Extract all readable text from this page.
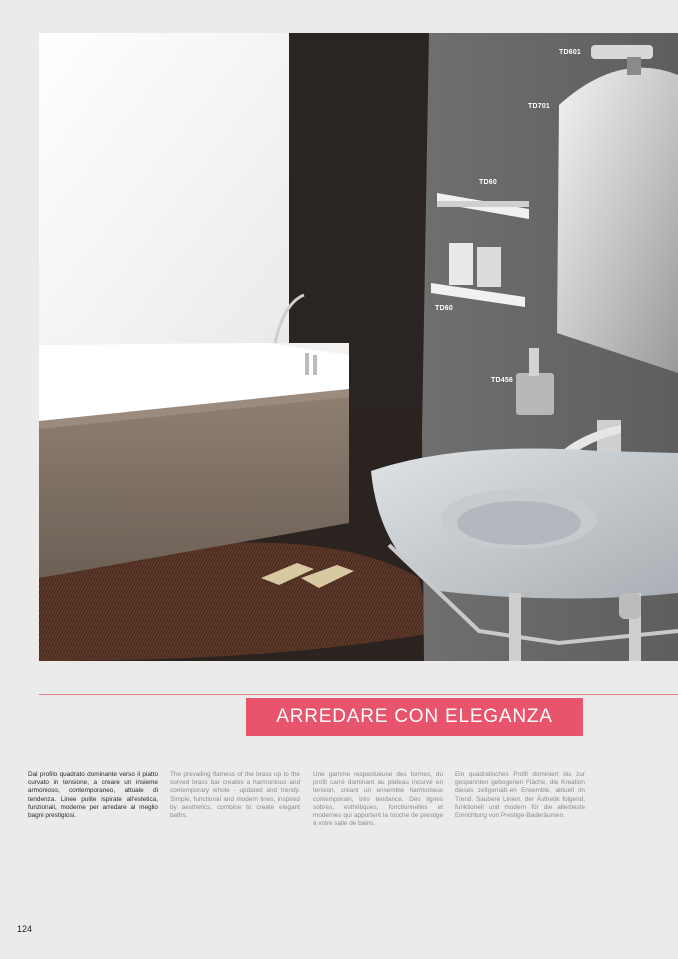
TD601
TD701
TD60
TD60
TD456
ARREDARE CON ELEGANZA
Dal profilo quadrato dominante verso il piatto curvato in tensione, a creare un insieme armonioso, contemporaneo, attuale di tendenza. Linee pulite ispirate all'estetica, funzionali, moderne per arredare al meglio bagni prestigiosi.
The prevailing flatness of the brass up to the curved brass bar creates a harmonious and contemporary whole - updated and trendy. Simple, functional and modern lines, inspired by aesthetics, combine to create elegant baths.
Une gamme respectueuse des formes, du profil carré dominant au plateau incurvé en tension, créant un ensemble harmonieux contemporain, très tendance. Des lignes sobres, esthétiques, fonctionnelles et modernes qui apportent la touche de prestige à votre salle de bains.
Ein quadratisches Profil dominiert bis zur gespannten gebogenen Fläche, die Kreation dieses zeitgemäß-en Ensemble, aktuell im Trend. Saubere Linien, der Ästhetik folgend, funktionell und modern für die allerbeste Einrichtung von Prestige-Baderäumen.
124
